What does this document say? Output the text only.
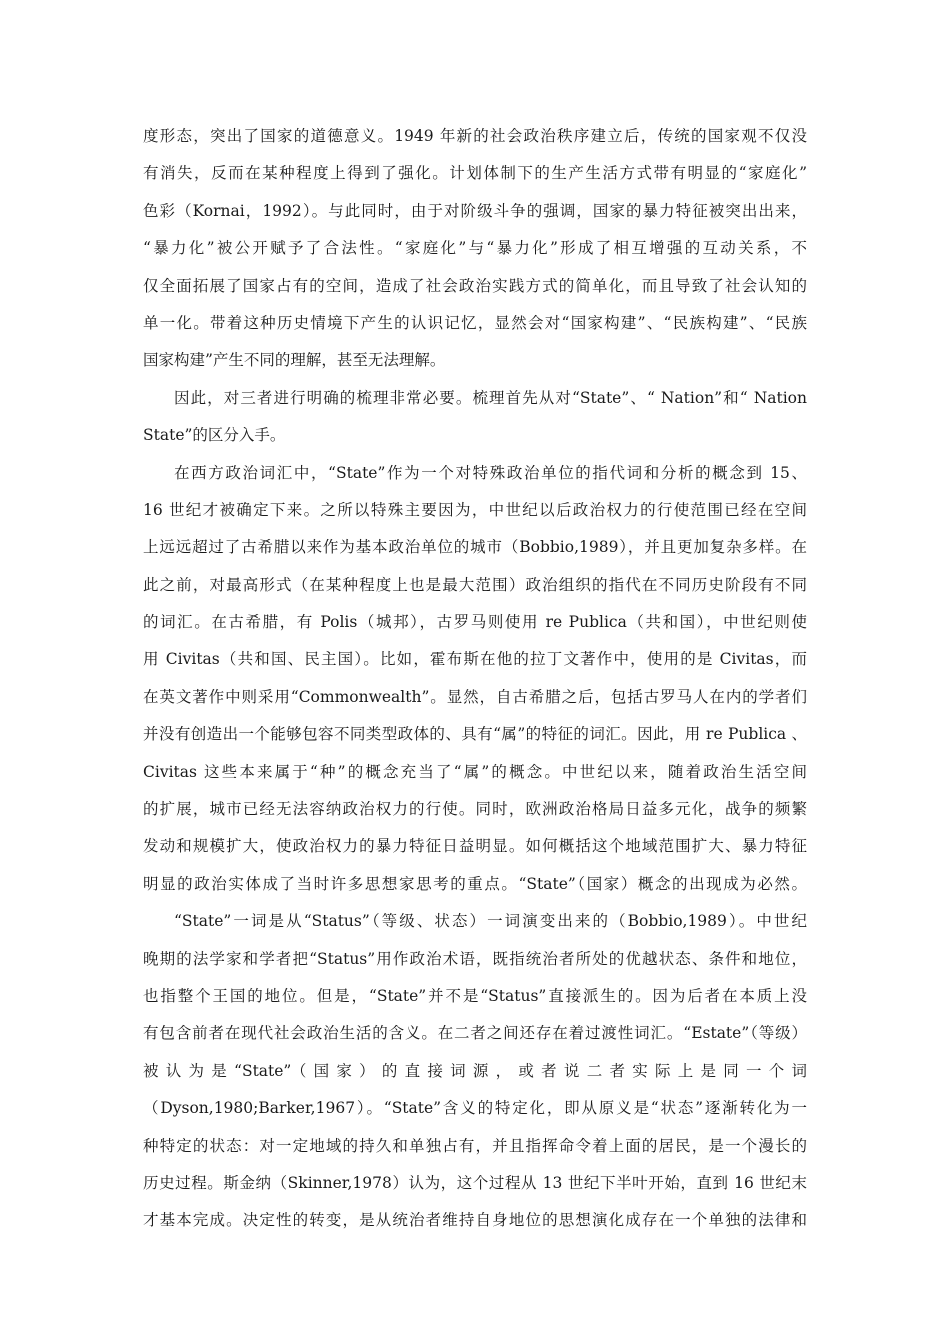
度形态，突出了国家的道德意义。1949 年新的社会政治秩序建立后，传统的国家观不仅没
有消失，反而在某种程度上得到了强化。计划体制下的生产生活方式带有明显的“家庭化”
色彩（Kornai，1992）。与此同时，由于对阶级斗争的强调，国家的暴力特征被突出出来，
“暴力化”被公开赋予了合法性。“家庭化”与“暴力化”形成了相互增强的互动关系，不
仅全面拓展了国家占有的空间，造成了社会政治实践方式的简单化，而且导致了社会认知的
单一化。带着这种历史情境下产生的认识记忆，显然会对“国家构建”、“民族构建”、“民族
国家构建”产生不同的理解，甚至无法理解。
因此，对三者进行明确的梳理非常必要。梳理首先从对“State”、“ Nation”和“ Nation
State”的区分入手。
在西方政治词汇中，“State”作为一个对特殊政治单位的指代词和分析的概念到 15、
16 世纪才被确定下来。之所以特殊主要因为，中世纪以后政治权力的行使范围已经在空间
上远远超过了古希腊以来作为基本政治单位的城市（Bobbio,1989），并且更加复杂多样。在
此之前，对最高形式（在某种程度上也是最大范围）政治组织的指代在不同历史阶段有不同
的词汇。在古希腊，有 Polis（城邦），古罗马则使用 re Publica（共和国），中世纪则使
用 Civitas（共和国、民主国）。比如，霍布斯在他的拉丁文著作中，使用的是 Civitas，而
在英文著作中则采用“Commonwealth”。显然，自古希腊之后，包括古罗马人在内的学者们
并没有创造出一个能够包容不同类型政体的、具有“属”的特征的词汇。因此，用 re Publica 、
Civitas 这些本来属于“种”的概念充当了“属”的概念。中世纪以来，随着政治生活空间
的扩展，城市已经无法容纳政治权力的行使。同时，欧洲政治格局日益多元化，战争的频繁
发动和规模扩大，使政治权力的暴力特征日益明显。如何概括这个地域范围扩大、暴力特征
明显的政治实体成了当时许多思想家思考的重点。“State”（国家）概念的出现成为必然。
“State”一词是从“Status”（等级、状态）一词演变出来的（Bobbio,1989）。中世纪
晚期的法学家和学者把“Status”用作政治术语，既指统治者所处的优越状态、条件和地位，
也指整个王国的地位。但是，“State”并不是“Status”直接派生的。因为后者在本质上没
有包含前者在现代社会政治生活的含义。在二者之间还存在着过渡性词汇。“Estate”（等级）
被认为是“State”（国家）的直接词源，或者说二者实际上是同一个词
（Dyson,1980;Barker,1967）。“State”含义的特定化，即从原义是“状态”逐渐转化为一
种特定的状态：对一定地域的持久和单独占有，并且指挥命令着上面的居民，是一个漫长的
历史过程。斯金纳（Skinner,1978）认为，这个过程从 13 世纪下半叶开始，直到 16 世纪末
才基本完成。决定性的转变，是从统治者维持自身地位的思想演化成存在一个单独的法律和
